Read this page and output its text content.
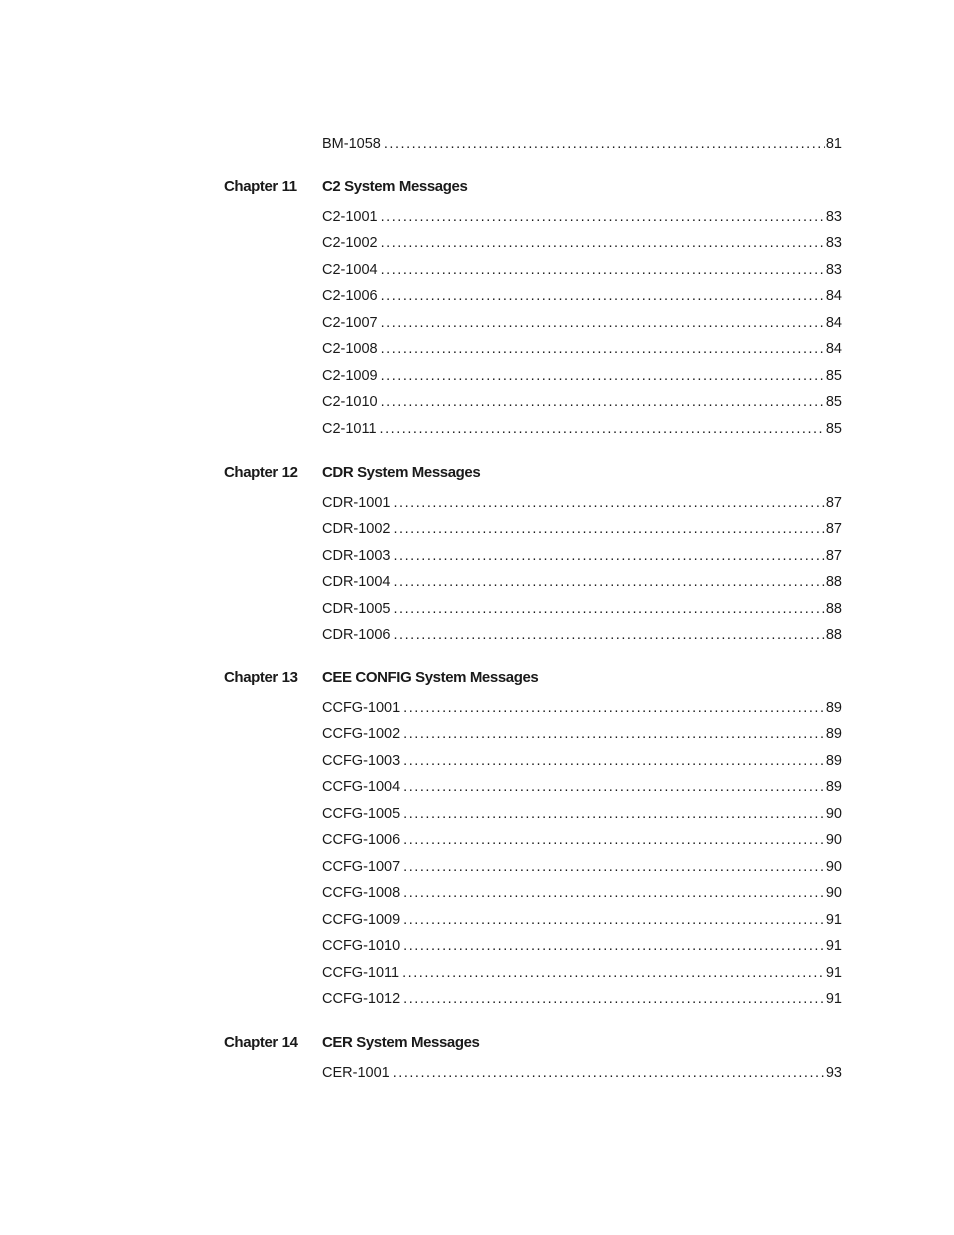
BM-1058 . . .	81
Chapter 11 C2 System Messages
C2-1001 . . .	83
C2-1002 . . .	83
C2-1004 . . .	83
C2-1006 . . .	84
C2-1007 . . .	84
C2-1008 . . .	84
C2-1009 . . .	85
C2-1010 . . .	85
C2-1011 . . .	85
Chapter 12 CDR System Messages
CDR-1001 . . .	87
CDR-1002 . . .	87
CDR-1003 . . .	87
CDR-1004 . . .	88
CDR-1005 . . .	88
CDR-1006 . . .	88
Chapter 13 CEE CONFIG System Messages
CCFG-1001 . . .	89
CCFG-1002 . . .	89
CCFG-1003 . . .	89
CCFG-1004 . . .	89
CCFG-1005 . . .	90
CCFG-1006 . . .	90
CCFG-1007 . . .	90
CCFG-1008 . . .	90
CCFG-1009 . . .	91
CCFG-1010 . . .	91
CCFG-1011 . . .	91
CCFG-1012 . . .	91
Chapter 14 CER System Messages
CER-1001 . . .	93
